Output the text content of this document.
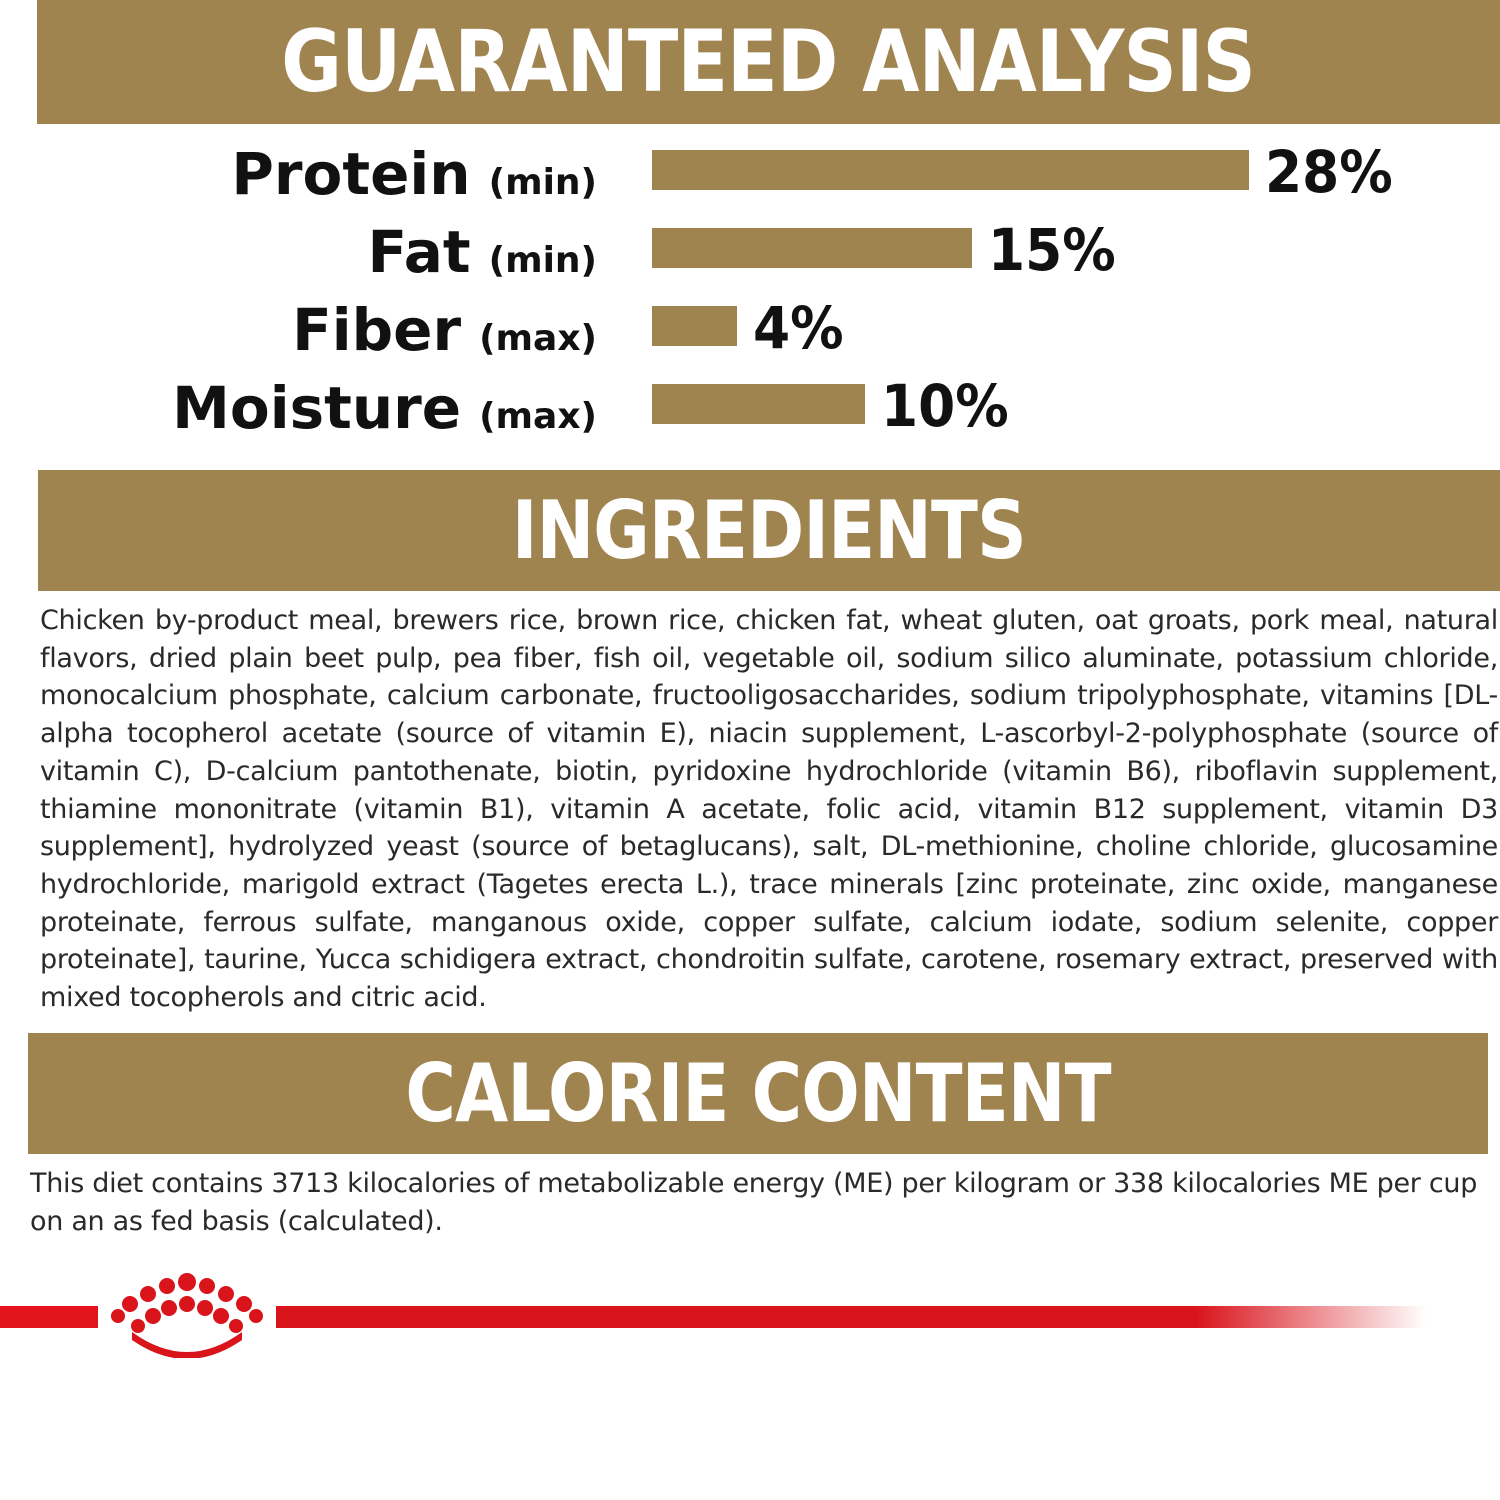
GUARANTEED ANALYSIS
Protein (min)	28%
Fat (min)	15%
Fiber (max)	4%
Moisture (max)	10%
INGREDIENTS

Chicken by-product meal, brewers rice, brown rice, chicken fat, wheat gluten, oat groats, pork meal, natural flavors, dried plain beet pulp, pea fiber, fish oil, vegetable oil, sodium silico aluminate, potassium chloride, monocalcium phosphate, calcium carbonate, fructooligosaccharides, sodium tripolyphosphate, vitamins [DL-alpha tocopherol acetate (source of vitamin E), niacin supplement, L-ascorbyl-2-polyphosphate (source of vitamin C), D-calcium pantothenate, biotin, pyridoxine hydrochloride (vitamin B6), riboflavin supplement, thiamine mononitrate (vitamin B1), vitamin A acetate, folic acid, vitamin B12 supplement, vitamin D3 supplement], hydrolyzed yeast (source of betaglucans), salt, DL-methionine, choline chloride, glucosamine hydrochloride, marigold extract (Tagetes erecta L.), trace minerals [zinc proteinate, zinc oxide, manganese proteinate, ferrous sulfate, manganous oxide, copper sulfate, calcium iodate, sodium selenite, copper proteinate], taurine, Yucca schidigera extract, chondroitin sulfate, carotene, rosemary extract, preserved with mixed tocopherols and citric acid.

CALORIE CONTENT

This diet contains 3713 kilocalories of metabolizable energy (ME) per kilogram or 338 kilocalories ME per cup on an as fed basis (calculated).
